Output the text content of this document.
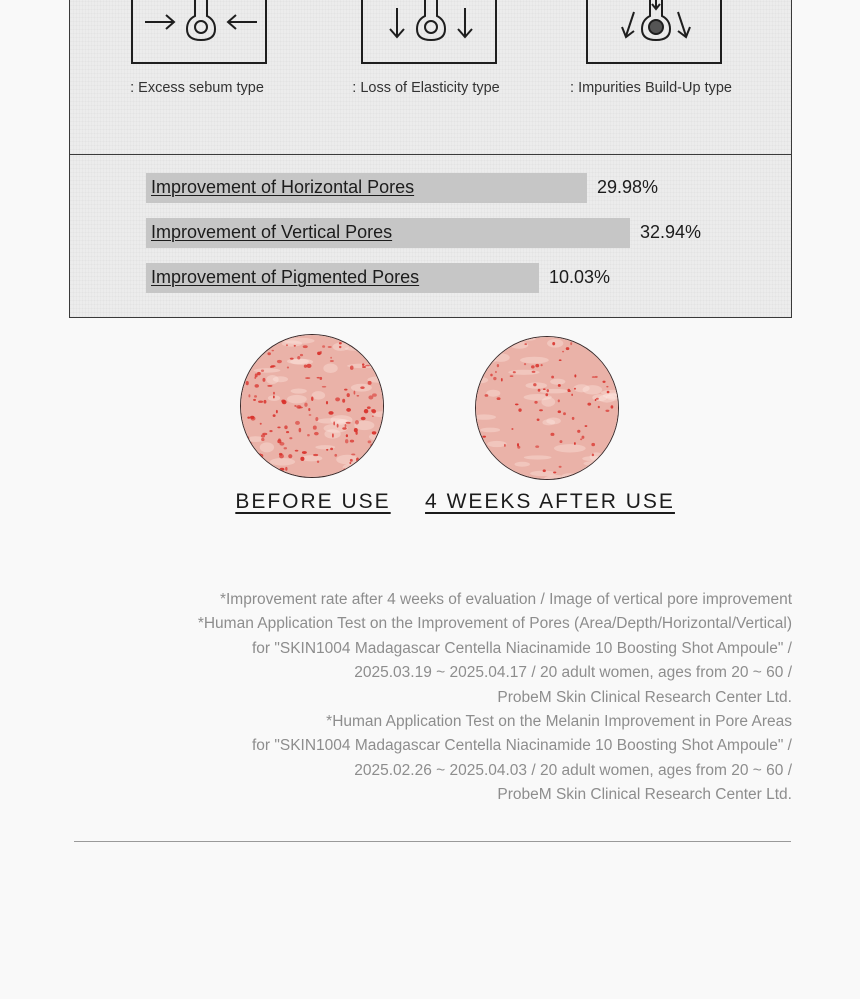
: Excess sebum type	: Loss of Elasticity type	: Impurities Build-Up type
Improvement of Horizontal Pores	29.98%
Improvement of Vertical Pores	32.94%
Improvement of Pigmented Pores	10.03%
BEFORE USE 4 WEEKS AFTER USE
*Improvement rate after 4 weeks of evaluation / Image of vertical pore improvement
*Human Application Test on the Improvement of Pores (Area/Depth/Horizontal/Vertical)
for "SKIN1004 Madagascar Centella Niacinamide 10 Boosting Shot Ampoule" /
2025.03.19 ~ 2025.04.17 / 20 adult women, ages from 20 ~ 60 /
ProbeM Skin Clinical Research Center Ltd.
*Human Application Test on the Melanin Improvement in Pore Areas
for "SKIN1004 Madagascar Centella Niacinamide 10 Boosting Shot Ampoule" /
2025.02.26 ~ 2025.04.03 / 20 adult women, ages from 20 ~ 60 /
ProbeM Skin Clinical Research Center Ltd.
